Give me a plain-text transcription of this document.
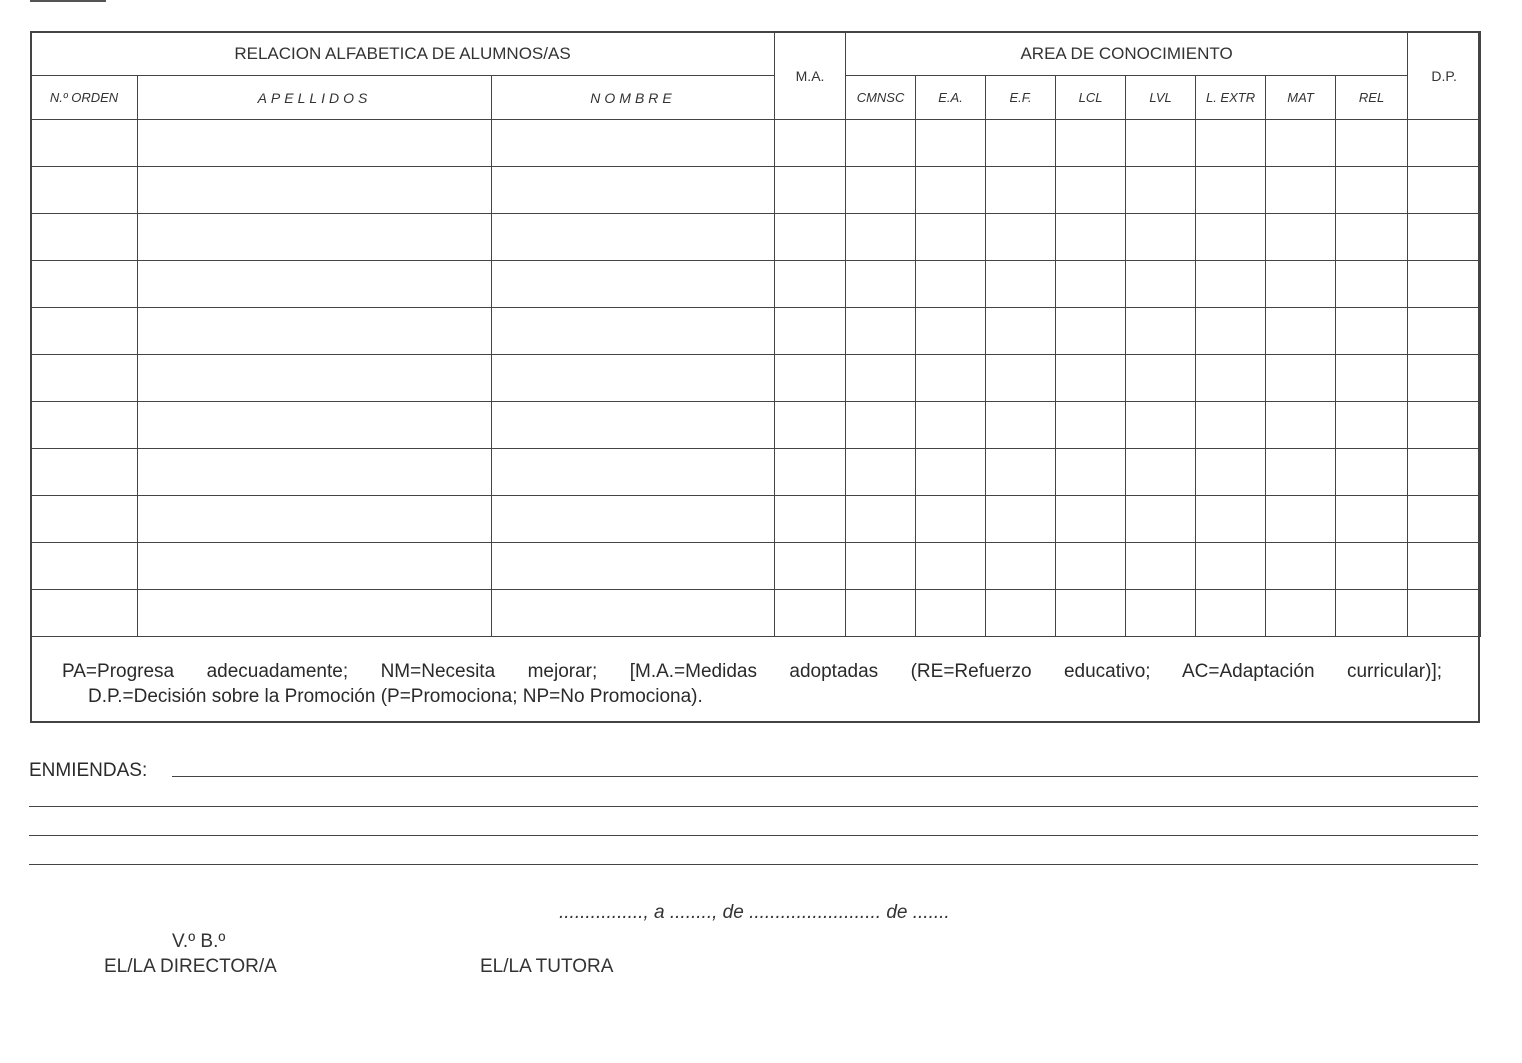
RELACION ALFABETICA DE ALUMNOS/AS			M.A.	AREA DE CONOCIMIENTO								D.P.
N.º ORDEN	APELLIDOS	NOMBRE		CMNSC	E.A.	E.F.	LCL	LVL	L. EXTR	MAT	REL	

PA=Progresa adecuadamente; NM=Necesita mejorar; [M.A.=Medidas adoptadas (RE=Refuerzo educativo; AC=Adaptación curricular)];
D.P.=Decisión sobre la Promoción (P=Promociona; NP=No Promociona).
ENMIENDAS:
................, a ........, de ......................... de .......
V.º B.º
EL/LA DIRECTOR/A	EL/LA TUTORA
